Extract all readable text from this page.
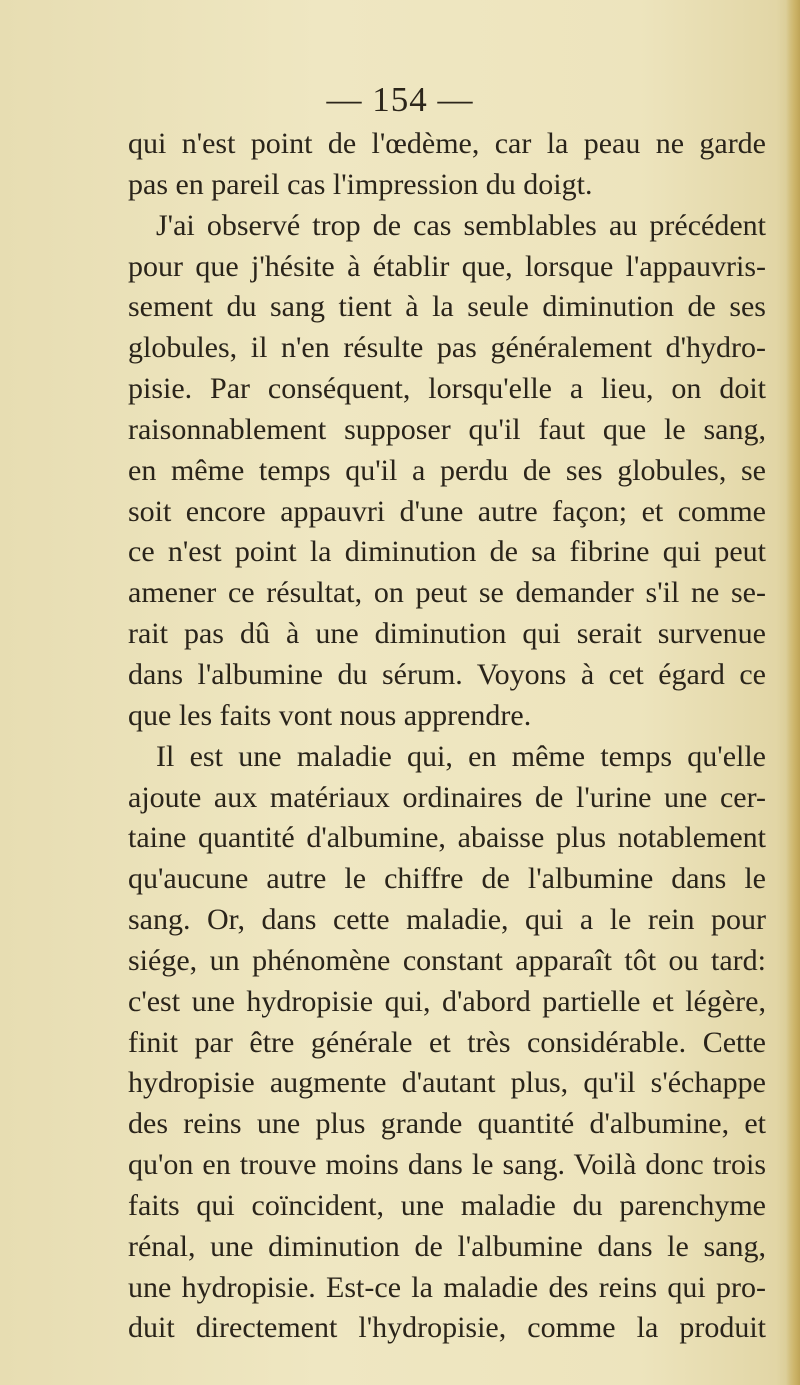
— 154 —
qui n'est point de l'œdème, car la peau ne garde
pas en pareil cas l'impression du doigt.
J'ai observé trop de cas semblables au précédent
pour que j'hésite à établir que, lorsque l'appauvris-
sement du sang tient à la seule diminution de ses
globules, il n'en résulte pas généralement d'hydro-
pisie. Par conséquent, lorsqu'elle a lieu, on doit
raisonnablement supposer qu'il faut que le sang,
en même temps qu'il a perdu de ses globules, se
soit encore appauvri d'une autre façon; et comme
ce n'est point la diminution de sa fibrine qui peut
amener ce résultat, on peut se demander s'il ne se-
rait pas dû à une diminution qui serait survenue
dans l'albumine du sérum. Voyons à cet égard ce
que les faits vont nous apprendre.
Il est une maladie qui, en même temps qu'elle
ajoute aux matériaux ordinaires de l'urine une cer-
taine quantité d'albumine, abaisse plus notablement
qu'aucune autre le chiffre de l'albumine dans le
sang. Or, dans cette maladie, qui a le rein pour
siége, un phénomène constant apparaît tôt ou tard:
c'est une hydropisie qui, d'abord partielle et légère,
finit par être générale et très considérable. Cette
hydropisie augmente d'autant plus, qu'il s'échappe
des reins une plus grande quantité d'albumine, et
qu'on en trouve moins dans le sang. Voilà donc trois
faits qui coïncident, une maladie du parenchyme
rénal, une diminution de l'albumine dans le sang,
une hydropisie. Est-ce la maladie des reins qui pro-
duit directement l'hydropisie, comme la produit
